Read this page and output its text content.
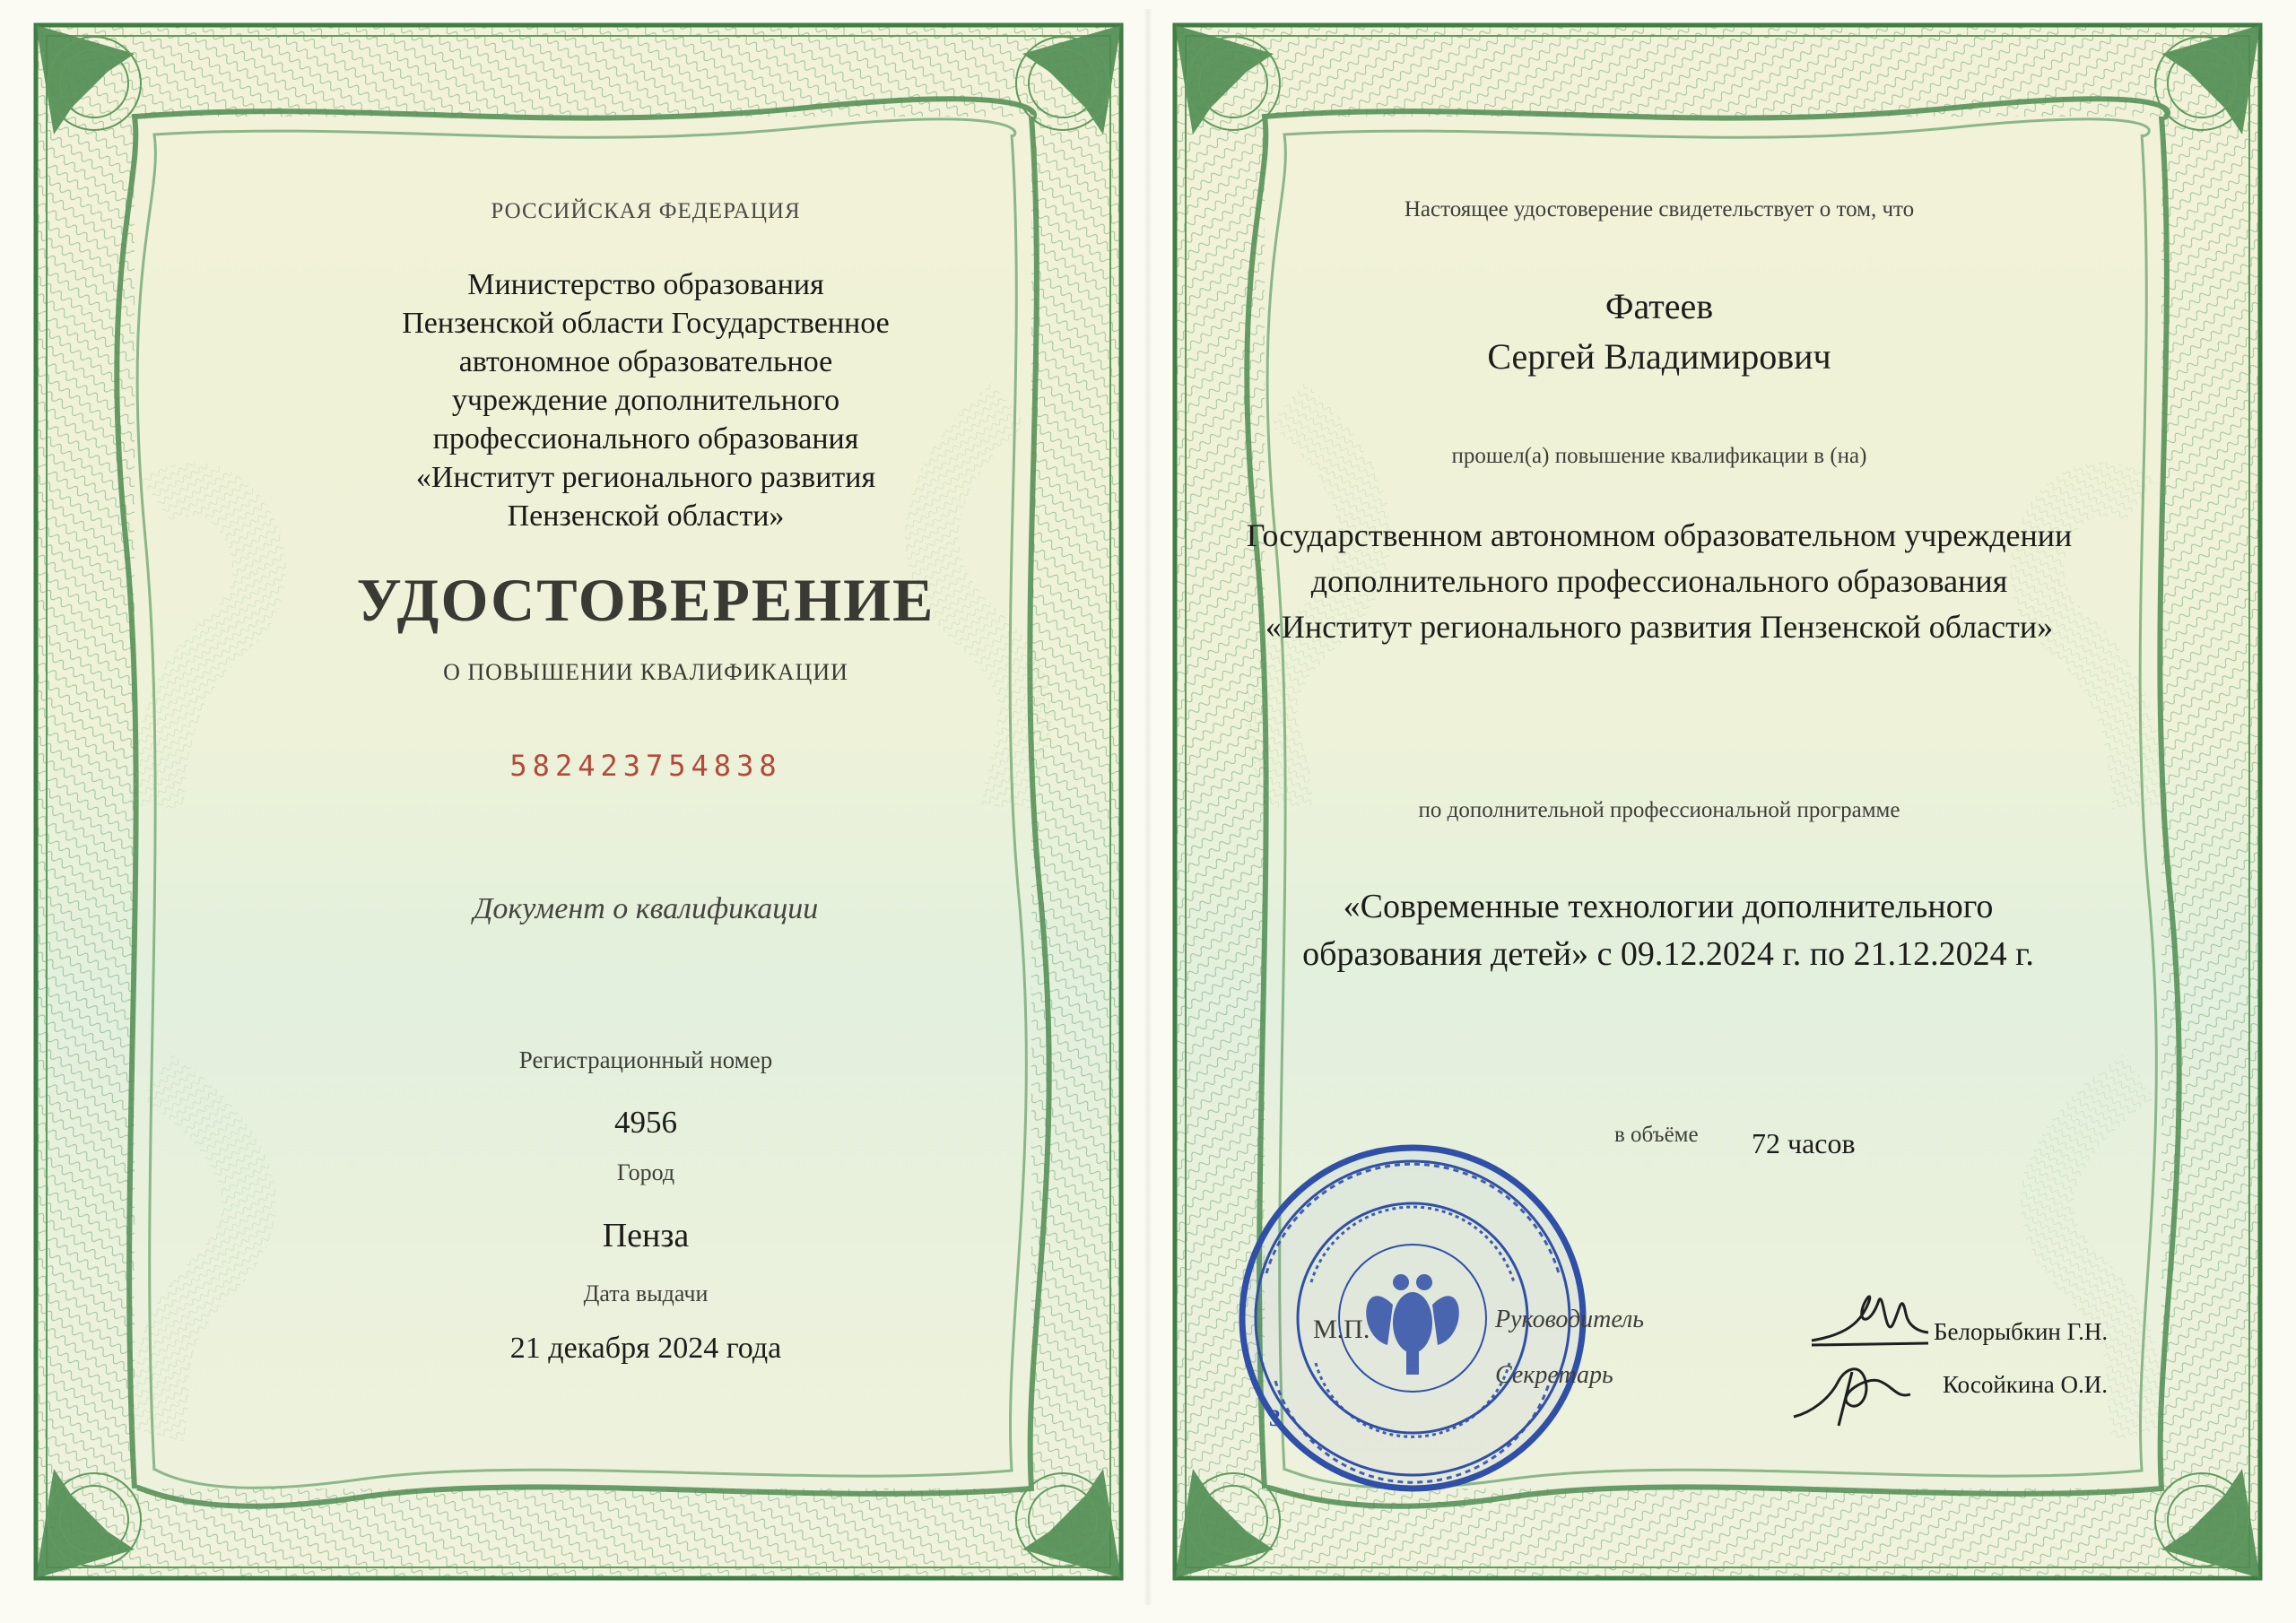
РОССИЙСКАЯ ФЕДЕРАЦИЯ
Министерство образования
Пензенской области Государственное
автономное образовательное
учреждение дополнительного
профессионального образования
«Институт регионального развития
Пензенской области»
УДОСТОВЕРЕНИЕ
О ПОВЫШЕНИИ КВАЛИФИКАЦИИ
582423754838
Документ о квалификации
Регистрационный номер
4956
Город
Пенза
Дата выдачи
21 декабря 2024 года
Настоящее удостоверение свидетельствует о том, что
Фатеев
Сергей Владимирович
прошел(а) повышение квалификации в (на)
Государственном автономном образовательном учреждении
дополнительного профессионального образования
«Институт регионального развития Пензенской области»
по дополнительной профессиональной программе
«Современные технологии дополнительного
образования детей» с 09.12.2024 г. по 21.12.2024 г.
в объёме 72 часов
Руководитель
Секретарь
Белорыбкин Г.Н.
Косойкина О.И.
М.П.
3
